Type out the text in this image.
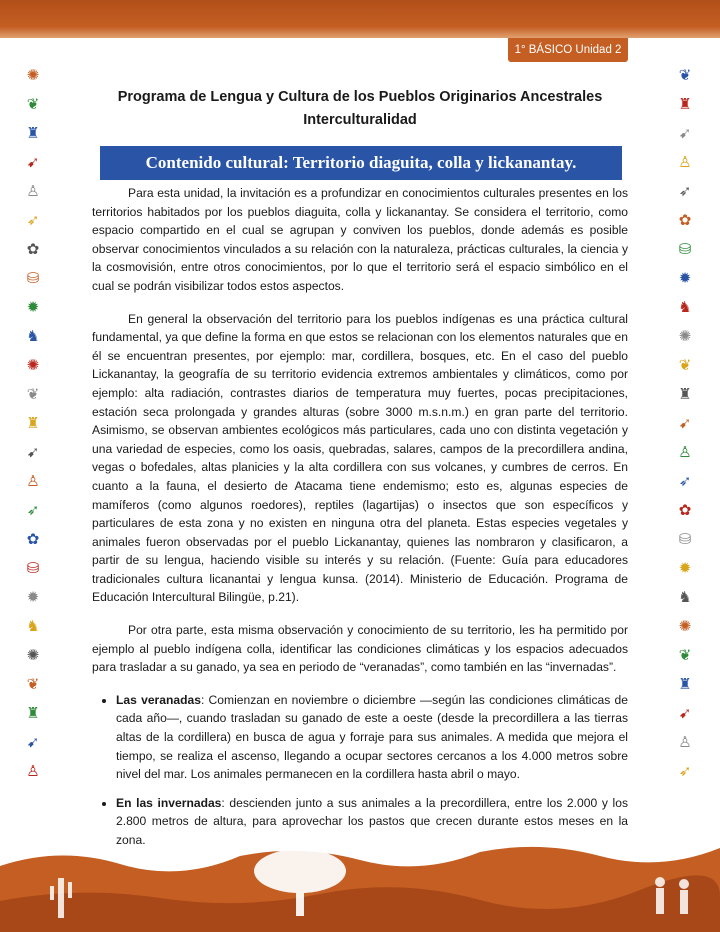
1° BÁSICO Unidad 2
✺
❦
♜
➹
♙
➶
✿
⛁
✹
♞
✺
❦
♜
➹
♙
➶
✿
⛁
✹
♞
✺
❦
♜
➹
♙
❦
♜
➹
♙
➶
✿
⛁
✹
♞
✺
❦
♜
➹
♙
➶
✿
⛁
✹
♞
✺
❦
♜
➹
♙
➶
Programa de Lengua y Cultura de los Pueblos Originarios Ancestrales
Interculturalidad
Contenido cultural: Territorio diaguita, colla y lickanantay.

Para esta unidad, la invitación es a profundizar en conocimientos culturales presentes en los territorios habitados por los pueblos diaguita, colla y lickanantay. Se considera el territorio, como espacio compartido en el cual se agrupan y conviven los pueblos, donde además es posible observar conocimientos vinculados a su relación con la naturaleza, prácticas culturales, la ciencia y la cosmovisión, entre otros conocimientos, por lo que el territorio será el espacio simbólico en el cual se podrán visibilizar todos estos aspectos.

En general la observación del territorio para los pueblos indígenas es una práctica cultural fundamental, ya que define la forma en que estos se relacionan con los elementos naturales que en él se encuentran presentes, por ejemplo: mar, cordillera, bosques, etc. En el caso del pueblo Lickanantay, la geografía de su territorio evidencia extremos ambientales y climáticos, como por ejemplo: alta radiación, contrastes diarios de temperatura muy fuertes, pocas precipitaciones, estación seca prolongada y grandes alturas (sobre 3000 m.s.n.m.) en gran parte del territorio. Asimismo, se observan ambientes ecológicos más particulares, cada uno con distinta vegetación y una variedad de especies, como los oasis, quebradas, salares, campos de la precordillera andina, vegas o bofedales, altas planicies y la alta cordillera con sus volcanes, y cumbres de cerros. En cuanto a la fauna, el desierto de Atacama tiene endemismo; esto es, algunas especies de mamíferos (como algunos roedores), reptiles (lagartijas) o insectos que son específicos y particulares de esta zona y no existen en ninguna otra del planeta. Estas especies vegetales y animales fueron observadas por el pueblo Lickanantay, quienes las nombraron y clasificaron, a partir de su lengua, haciendo visible su interés y su relación. (Fuente: Guía para educadores tradicionales cultura licanantai y lengua kunsa. (2014). Ministerio de Educación. Programa de Educación Intercultural Bilingüe, p.21).

Por otra parte, esta misma observación y conocimiento de su territorio, les ha permitido por ejemplo al pueblo indígena colla, identificar las condiciones climáticas y los espacios adecuados para trasladar a su ganado, ya sea en periodo de “veranadas”, como también en las “invernadas”.

• Las veranadas: Comienzan en noviembre o diciembre —según las condiciones climáticas de cada año—, cuando trasladan su ganado de este a oeste (desde la precordillera a las tierras altas de la cordillera) en busca de agua y forraje para sus animales. A medida que mejora el tiempo, se realiza el ascenso, llegando a ocupar sectores cercanos a los 4.000 metros sobre nivel del mar. Los animales permanecen en la cordillera hasta abril o mayo.
• En las invernadas: descienden junto a sus animales a la precordillera, entre los 2.000 y los 2.800 metros de altura, para aprovechar los pastos que crecen durante estos meses en la zona.
